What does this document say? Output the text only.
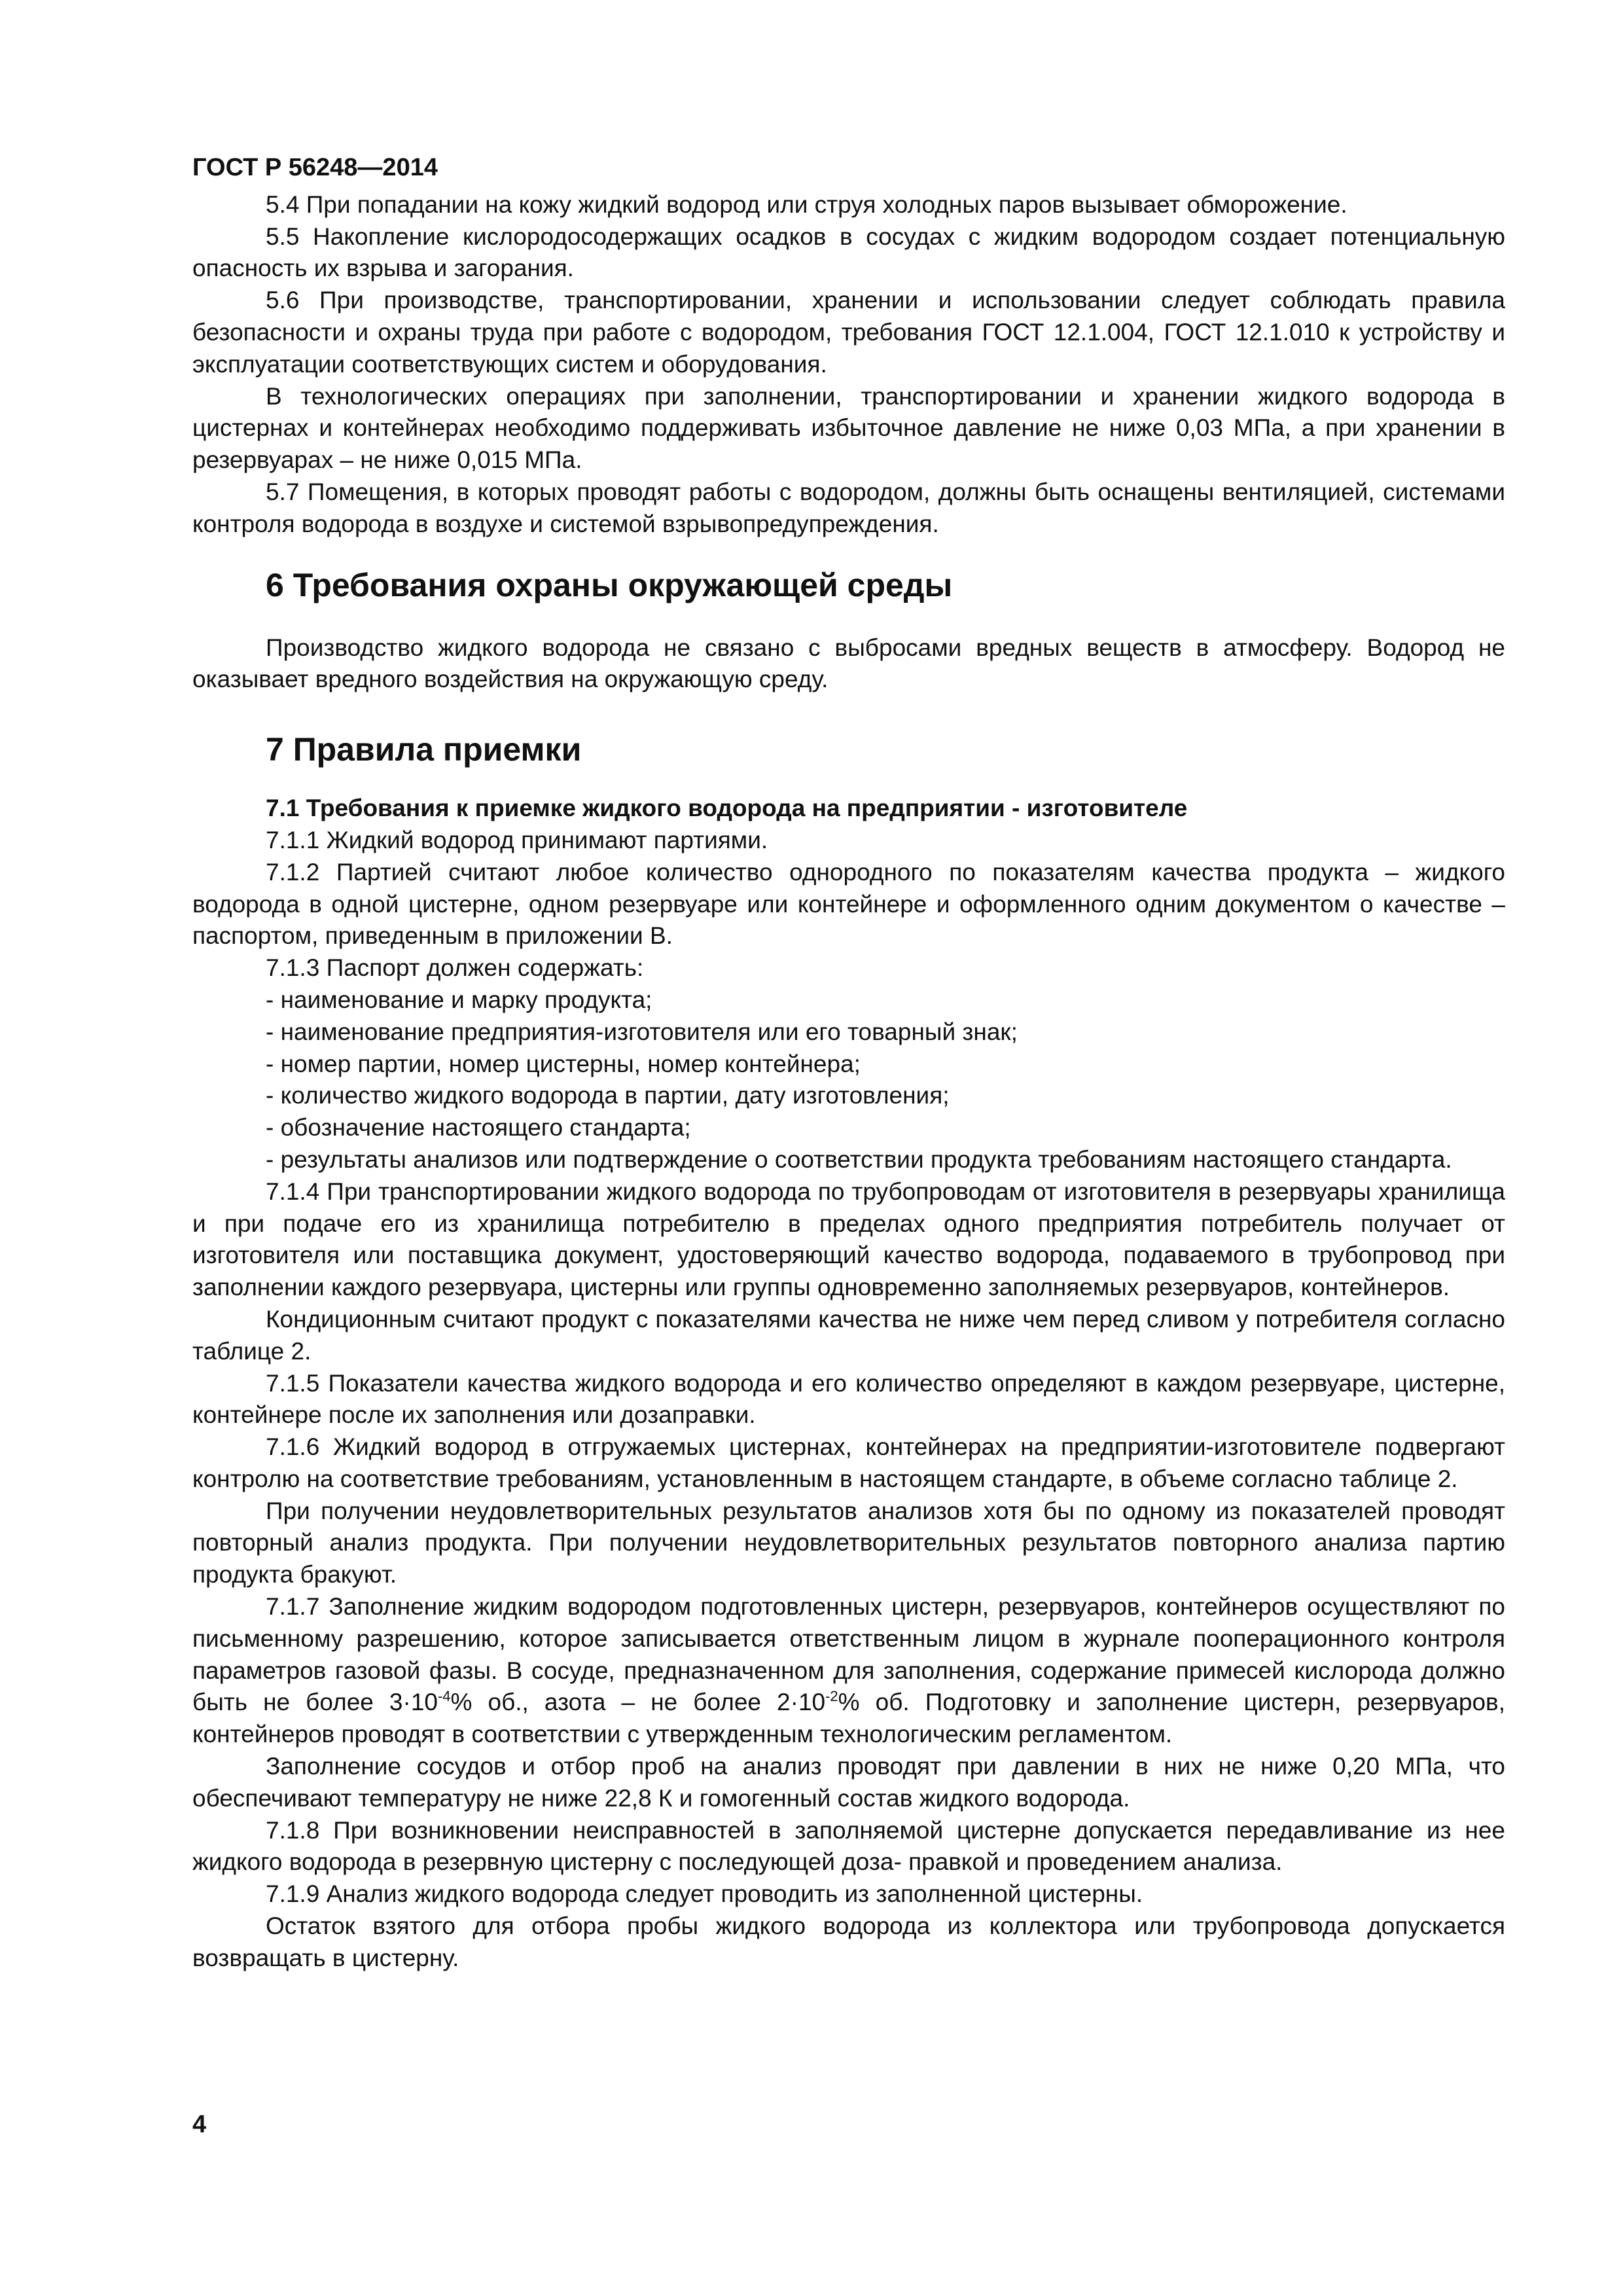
ГОСТ Р 56248—2014

5.4 При попадании на кожу жидкий водород или струя холодных паров вызывает обморожение.

5.5 Накопление кислородосодержащих осадков в сосудах с жидким водородом создает потенциальную опасность их взрыва и загорания.

5.6 При производстве, транспортировании, хранении и использовании следует соблюдать правила безопасности и охраны труда при работе с водородом, требования ГОСТ 12.1.004, ГОСТ 12.1.010 к устройству и эксплуатации соответствующих систем и оборудования.

В технологических операциях при заполнении, транспортировании и хранении жидкого водорода в цистернах и контейнерах необходимо поддерживать избыточное давление не ниже 0,03 МПа, а при хранении в резервуарах – не ниже 0,015 МПа.

5.7 Помещения, в которых проводят работы с водородом, должны быть оснащены вентиляцией, системами контроля водорода в воздухе и системой взрывопредупреждения.

6 Требования охраны окружающей среды

Производство жидкого водорода не связано с выбросами вредных веществ в атмосферу. Водород не оказывает вредного воздействия на окружающую среду.

7 Правила приемки
7.1 Требования к приемке жидкого водорода на предприятии - изготовителе

7.1.1 Жидкий водород принимают партиями.

7.1.2 Партией считают любое количество однородного по показателям качества продукта – жидкого водорода в одной цистерне, одном резервуаре или контейнере и оформленного одним документом о качестве – паспортом, приведенным в приложении В.

7.1.3 Паспорт должен содержать:

- наименование и марку продукта;
- наименование предприятия-изготовителя или его товарный знак;
- номер партии, номер цистерны, номер контейнера;
- количество жидкого водорода в партии, дату изготовления;
- обозначение настоящего стандарта;

- результаты анализов или подтверждение о соответствии продукта требованиям настоящего стандарта.

7.1.4 При транспортировании жидкого водорода по трубопроводам от изготовителя в резервуары хранилища и при подаче его из хранилища потребителю в пределах одного предприятия потребитель получает от изготовителя или поставщика документ, удостоверяющий качество водорода, подаваемого в трубопровод при заполнении каждого резервуара, цистерны или группы одновременно заполняемых резервуаров, контейнеров.

Кондиционным считают продукт с показателями качества не ниже чем перед сливом у потребителя согласно таблице 2.

7.1.5 Показатели качества жидкого водорода и его количество определяют в каждом резервуаре, цистерне, контейнере после их заполнения или дозаправки.

7.1.6 Жидкий водород в отгружаемых цистернах, контейнерах на предприятии-изготовителе подвергают контролю на соответствие требованиям, установленным в настоящем стандарте, в объеме согласно таблице 2.

При получении неудовлетворительных результатов анализов хотя бы по одному из показателей проводят повторный анализ продукта. При получении неудовлетворительных результатов повторного анализа партию продукта бракуют.

7.1.7 Заполнение жидким водородом подготовленных цистерн, резервуаров, контейнеров осуществляют по письменному разрешению, которое записывается ответственным лицом в журнале пооперационного контроля параметров газовой фазы. В сосуде, предназначенном для заполнения, содержание примесей кислорода должно быть не более $3\cdot 10^{-4}\%$ об., азота – не более $2\cdot 10^{-2}\%$ об. Подготовку и заполнение цистерн, резервуаров, контейнеров проводят в соответствии с утвержденным технологическим регламентом.

Заполнение сосудов и отбор проб на анализ проводят при давлении в них не ниже 0,20 МПа, что обеспечивают температуру не ниже 22,8 К и гомогенный состав жидкого водорода.

7.1.8 При возникновении неисправностей в заполняемой цистерне допускается передавливание из нее жидкого водорода в резервную цистерну с последующей доза- правкой и проведением анализа.

7.1.9 Анализ жидкого водорода следует проводить из заполненной цистерны.

Остаток взятого для отбора пробы жидкого водорода из коллектора или трубопровода допускается возвращать в цистерну.

4
